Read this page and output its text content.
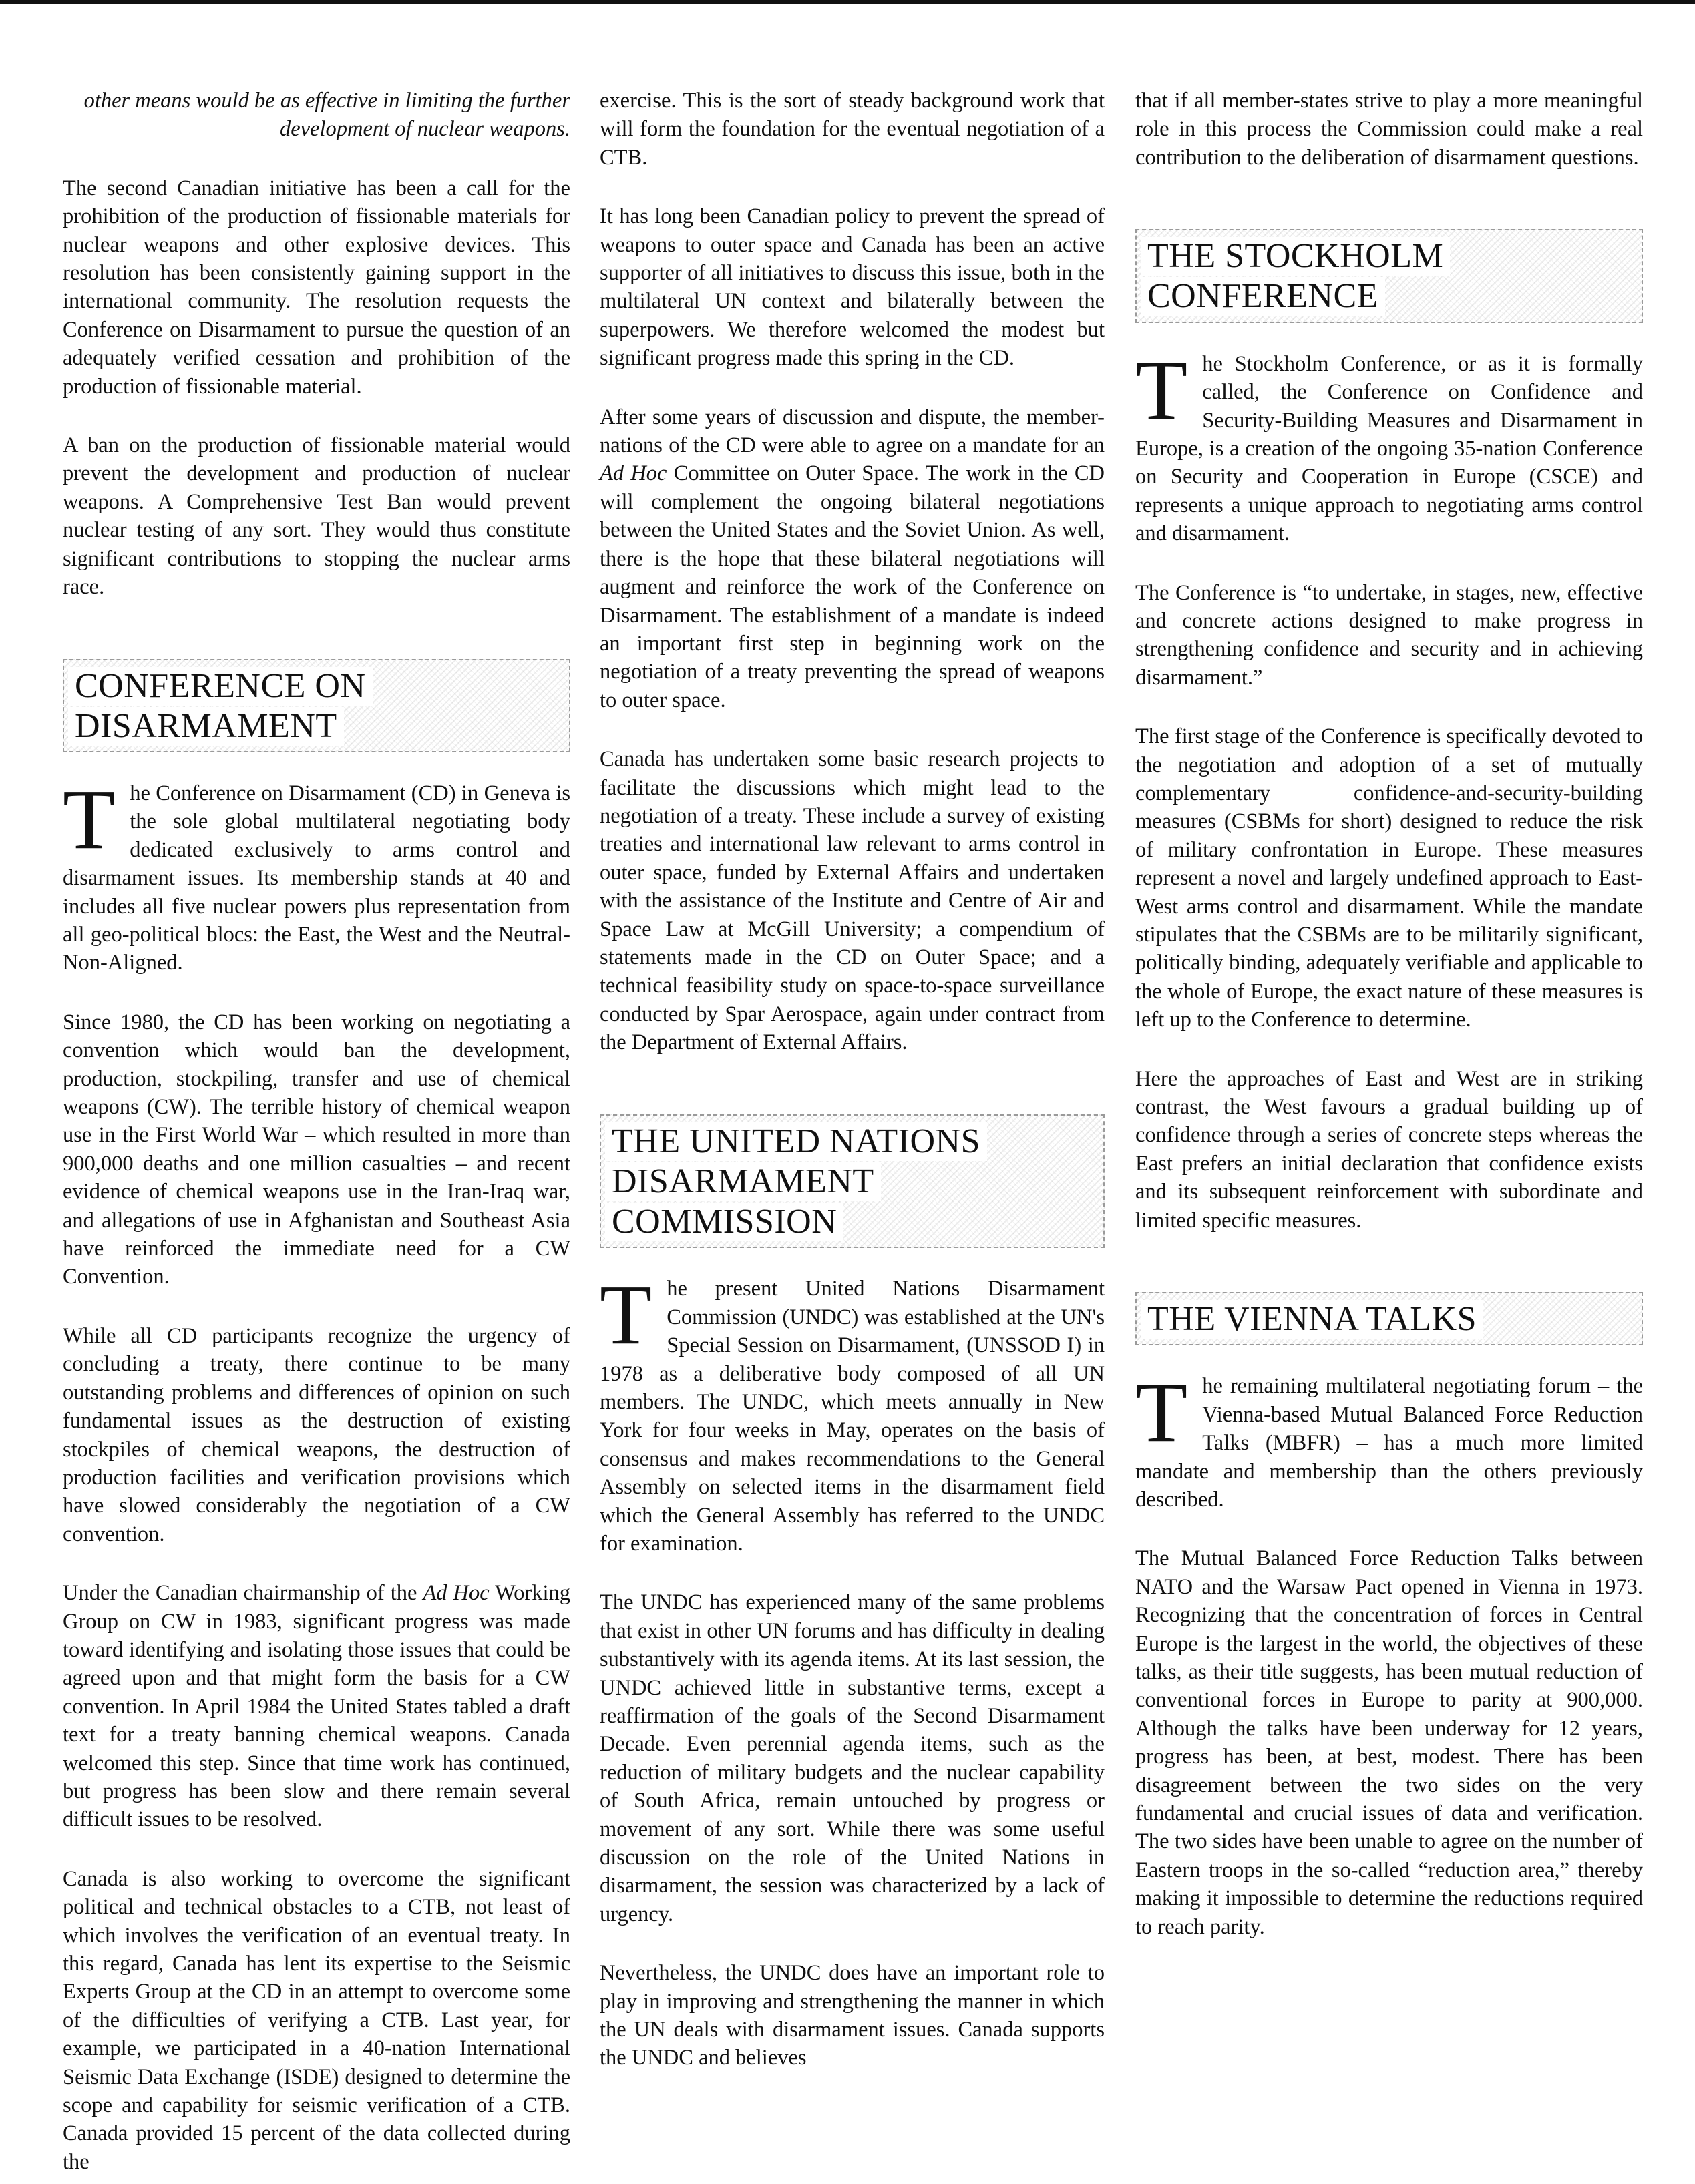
other means would be as effective in limiting the further development of nuclear weapons.

The second Canadian initiative has been a call for the prohibition of the production of fissionable materials for nuclear weapons and other explosive devices. This resolution has been consistently gaining support in the international community. The resolution requests the Conference on Disarmament to pursue the question of an adequately verified cessation and prohibition of the production of fissionable material.

A ban on the production of fissionable material would prevent the development and production of nuclear weapons. A Comprehensive Test Ban would prevent nuclear testing of any sort. They would thus constitute significant contributions to stopping the nuclear arms race.

CONFERENCE ON
DISARMAMENT

The Conference on Disarmament (CD) in Geneva is the sole global multilateral negotiating body dedicated exclusively to arms control and disarmament issues. Its membership stands at 40 and includes all five nuclear powers plus representation from all geo-political blocs: the East, the West and the Neutral-Non-Aligned.

Since 1980, the CD has been working on negotiating a convention which would ban the development, production, stockpiling, transfer and use of chemical weapons (CW). The terrible history of chemical weapon use in the First World War – which resulted in more than 900,000 deaths and one million casualties – and recent evidence of chemical weapons use in the Iran-Iraq war, and allegations of use in Afghanistan and Southeast Asia have reinforced the immediate need for a CW Convention.

While all CD participants recognize the urgency of concluding a treaty, there continue to be many outstanding problems and differences of opinion on such fundamental issues as the destruction of existing stockpiles of chemical weapons, the destruction of production facilities and verification provisions which have slowed considerably the negotiation of a CW convention.

Under the Canadian chairmanship of the Ad Hoc Working Group on CW in 1983, significant progress was made toward identifying and isolating those issues that could be agreed upon and that might form the basis for a CW convention. In April 1984 the United States tabled a draft text for a treaty banning chemical weapons. Canada welcomed this step. Since that time work has continued, but progress has been slow and there remain several difficult issues to be resolved.

Canada is also working to overcome the significant political and technical obstacles to a CTB, not least of which involves the verification of an eventual treaty. In this regard, Canada has lent its expertise to the Seismic Experts Group at the CD in an attempt to overcome some of the difficulties of verifying a CTB. Last year, for example, we participated in a 40-nation International Seismic Data Exchange (ISDE) designed to determine the scope and capability for seismic verification of a CTB. Canada provided 15 percent of the data collected during the

exercise. This is the sort of steady background work that will form the foundation for the eventual negotiation of a CTB.

It has long been Canadian policy to prevent the spread of weapons to outer space and Canada has been an active supporter of all initiatives to discuss this issue, both in the multilateral UN context and bilaterally between the superpowers. We therefore welcomed the modest but significant progress made this spring in the CD.

After some years of discussion and dispute, the member-nations of the CD were able to agree on a mandate for an Ad Hoc Committee on Outer Space. The work in the CD will complement the ongoing bilateral negotiations between the United States and the Soviet Union. As well, there is the hope that these bilateral negotiations will augment and reinforce the work of the Conference on Disarmament. The establishment of a mandate is indeed an important first step in beginning work on the negotiation of a treaty preventing the spread of weapons to outer space.

Canada has undertaken some basic research projects to facilitate the discussions which might lead to the negotiation of a treaty. These include a survey of existing treaties and international law relevant to arms control in outer space, funded by External Affairs and undertaken with the assistance of the Institute and Centre of Air and Space Law at McGill University; a compendium of statements made in the CD on Outer Space; and a technical feasibility study on space-to-space surveillance conducted by Spar Aerospace, again under contract from the Department of External Affairs.

THE UNITED NATIONS
DISARMAMENT
COMMISSION

The present United Nations Disarmament Commission (UNDC) was established at the UN's Special Session on Disarmament, (UNSSOD I) in 1978 as a deliberative body composed of all UN members. The UNDC, which meets annually in New York for four weeks in May, operates on the basis of consensus and makes recommendations to the General Assembly on selected items in the disarmament field which the General Assembly has referred to the UNDC for examination.

The UNDC has experienced many of the same problems that exist in other UN forums and has difficulty in dealing substantively with its agenda items. At its last session, the UNDC achieved little in substantive terms, except a reaffirmation of the goals of the Second Disarmament Decade. Even perennial agenda items, such as the reduction of military budgets and the nuclear capability of South Africa, remain untouched by progress or movement of any sort. While there was some useful discussion on the role of the United Nations in disarmament, the session was characterized by a lack of urgency.

Nevertheless, the UNDC does have an important role to play in improving and strengthening the manner in which the UN deals with disarmament issues. Canada supports the UNDC and believes

that if all member-states strive to play a more meaningful role in this process the Commission could make a real contribution to the deliberation of disarmament questions.

THE STOCKHOLM
CONFERENCE

The Stockholm Conference, or as it is formally called, the Conference on Confidence and Security-Building Measures and Disarmament in Europe, is a creation of the ongoing 35-nation Conference on Security and Cooperation in Europe (CSCE) and represents a unique approach to negotiating arms control and disarmament.

The Conference is “to undertake, in stages, new, effective and concrete actions designed to make progress in strengthening confidence and security and in achieving disarmament.”

The first stage of the Conference is specifically devoted to the negotiation and adoption of a set of mutually complementary confidence-and-security-building measures (CSBMs for short) designed to reduce the risk of military confrontation in Europe. These measures represent a novel and largely undefined approach to East-West arms control and disarmament. While the mandate stipulates that the CSBMs are to be militarily significant, politically binding, adequately verifiable and applicable to the whole of Europe, the exact nature of these measures is left up to the Conference to determine.

Here the approaches of East and West are in striking contrast, the West favours a gradual building up of confidence through a series of concrete steps whereas the East prefers an initial declaration that confidence exists and its subsequent reinforcement with subordinate and limited specific measures.

THE VIENNA TALKS

The remaining multilateral negotiating forum – the Vienna-based Mutual Balanced Force Reduction Talks (MBFR) – has a much more limited mandate and membership than the others previously described.

The Mutual Balanced Force Reduction Talks between NATO and the Warsaw Pact opened in Vienna in 1973. Recognizing that the concentration of forces in Central Europe is the largest in the world, the objectives of these talks, as their title suggests, has been mutual reduction of conventional forces in Europe to parity at 900,000. Although the talks have been underway for 12 years, progress has been, at best, modest. There has been disagreement between the two sides on the very fundamental and crucial issues of data and verification. The two sides have been unable to agree on the number of Eastern troops in the so-called “reduction area,” thereby making it impossible to determine the reductions required to reach parity.
